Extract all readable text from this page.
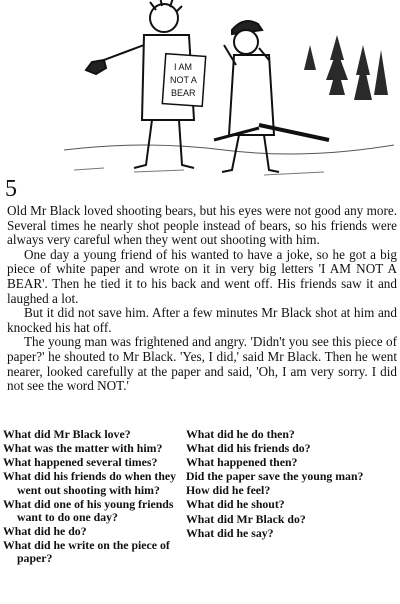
I AM
NOT A
BEAR
5

Old Mr Black loved shooting bears, but his eyes were not good any more. Several times he nearly shot people instead of bears, so his friends were always very careful when they went out shooting with him.

One day a young friend of his wanted to have a joke, so he got a big piece of white paper and wrote on it in very big letters 'I AM NOT A BEAR'. Then he tied it to his back and went off. His friends saw it and laughed a lot.

But it did not save him. After a few minutes Mr Black shot at him and knocked his hat off.

The young man was frightened and angry. 'Didn't you see this piece of paper?' he shouted to Mr Black. 'Yes, I did,' said Mr Black. Then he went nearer, looked carefully at the paper and said, 'Oh, I am very sorry. I did not see the word NOT.'

What did Mr Black love?
What was the matter with him?
What happened several times?
What did his friends do when they went out shooting with him?
What did one of his young friends want to do one day?
What did he do?
What did he write on the piece of paper?
What did he do then?
What did his friends do?
What happened then?
Did the paper save the young man?
How did he feel?
What did he shout?
What did Mr Black do?
What did he say?
